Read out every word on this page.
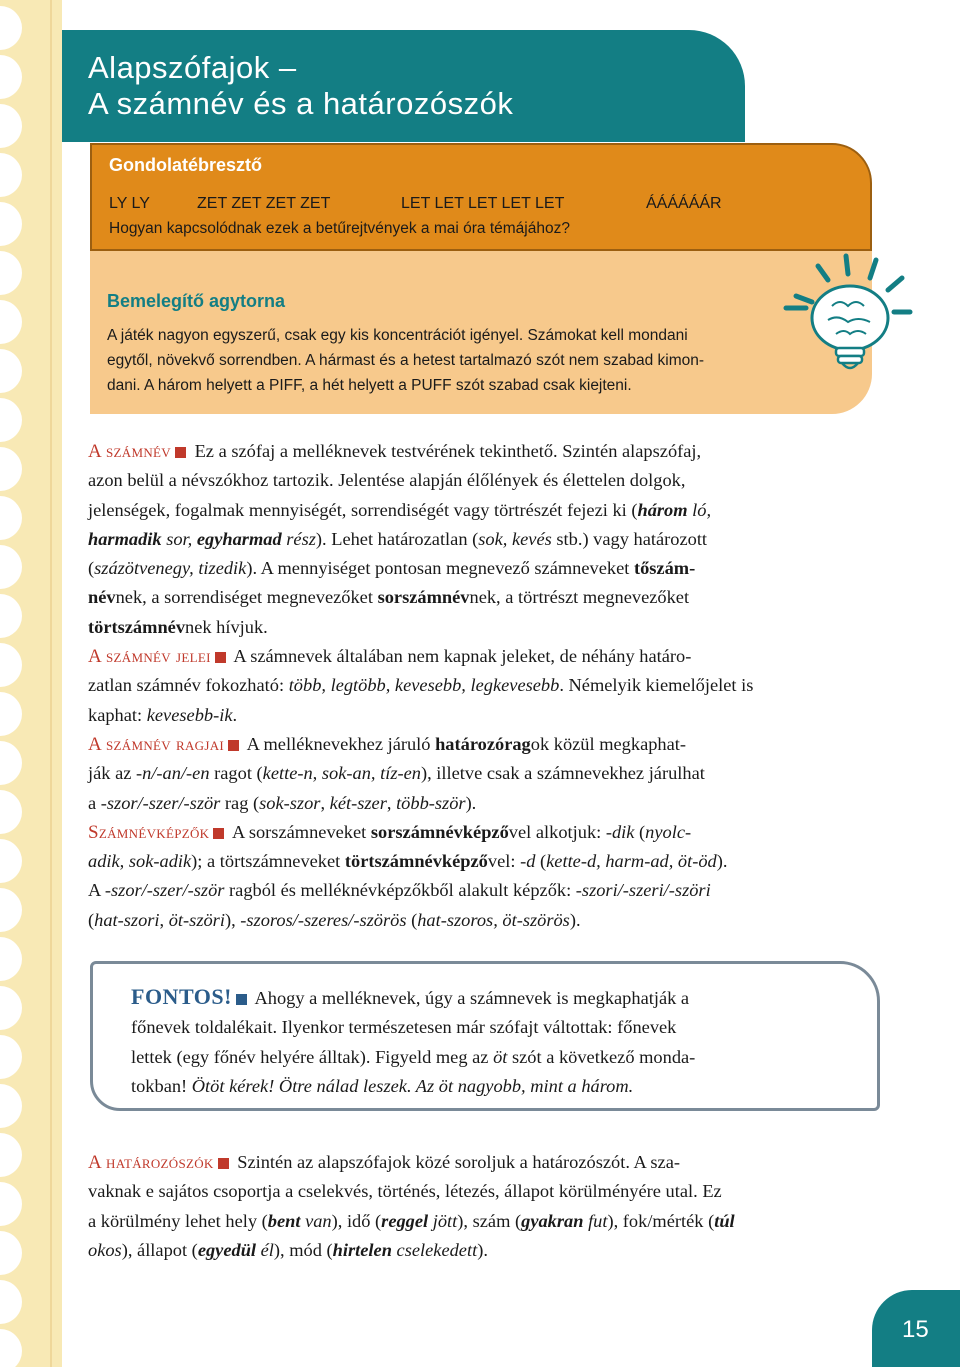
Alapszófajok –
A számnév és a határozószók
Gondolatébresztő
LY LY	ZET ZET ZET ZET	LET LET LET LET LET	ÁÁÁÁÁÁR
Hogyan kapcsolódnak ezek a betűrejtvények a mai óra témájához?
Bemelegítő agytorna
A játék nagyon egyszerű, csak egy kis koncentrációt igényel. Számokat kell mondani
egytől, növekvő sorrendben. A hármast és a hetest tartalmazó szót nem szabad kimon-
dani. A három helyett a PIFF, a hét helyett a PUFF szót szabad csak kiejteni.
A számnév Ez a szófaj a melléknevek testvérének tekinthető. Szintén alapszófaj,
azon belül a névszókhoz tartozik. Jelentése alapján élőlények és élettelen dolgok,
jelenségek, fogalmak mennyiségét, sorrendiségét vagy törtrészét fejezi ki (három ló,
harmadik sor, egyharmad rész). Lehet határozatlan (sok, kevés stb.) vagy határozott
(százötvenegy, tizedik). A mennyiséget pontosan megnevező számneveket tőszám-
névnek, a sorrendiséget megnevezőket sorszámnévnek, a törtrészt megnevezőket
törtszámnévnek hívjuk.
A számnév jelei A számnevek általában nem kapnak jeleket, de néhány határo-
zatlan számnév fokozható: több, legtöbb, kevesebb, legkevesebb. Némelyik kiemelőjelet is
kaphat: kevesebb-ik.
A számnév ragjai A melléknevekhez járuló határozóragok közül megkaphat-
ják az -n/-an/-en ragot (kette-n, sok-an, tíz-en), illetve csak a számnevekhez járulhat
a -szor/-szer/-ször rag (sok-szor, két-szer, több-ször).
Számnévképzők A sorszámneveket sorszámnévképzővel alkotjuk: -dik (nyolc-
adik, sok-adik); a törtszámneveket törtszámnévképzővel: -d (kette-d, harm-ad, öt-öd).
A -szor/-szer/-ször ragból és melléknévképzőkből alakult képzők: -szori/-szeri/-szöri
(hat-szori, öt-szöri), -szoros/-szeres/-szörös (hat-szoros, öt-szörös).
FONTOS! Ahogy a melléknevek, úgy a számnevek is megkaphatják a
főnevek toldalékait. Ilyenkor természetesen már szófajt váltottak: főnevek
lettek (egy főnév helyére álltak). Figyeld meg az öt szót a következő monda-
tokban! Ötöt kérek! Ötre nálad leszek. Az öt nagyobb, mint a három.
A határozószók Szintén az alapszófajok közé soroljuk a határozószót. A sza-
vaknak e sajátos csoportja a cselekvés, történés, létezés, állapot körülményére utal. Ez
a körülmény lehet hely (bent van), idő (reggel jött), szám (gyakran fut), fok/mérték (túl
okos), állapot (egyedül él), mód (hirtelen cselekedett).
15
